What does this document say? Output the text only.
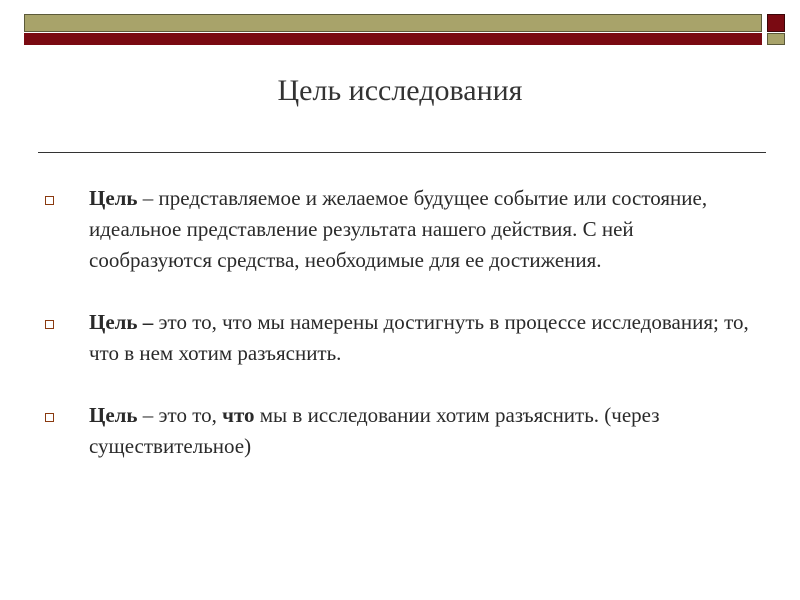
Цель исследования
Цель – представляемое и желаемое будущее событие или состояние, идеальное представление результата нашего действия. С ней сообразуются средства, необходимые для ее достижения.
Цель – это то, что мы намерены достигнуть в процессе исследования; то, что в нем хотим разъяснить.
Цель – это то, что мы в исследовании хотим разъяснить. (через существительное)
